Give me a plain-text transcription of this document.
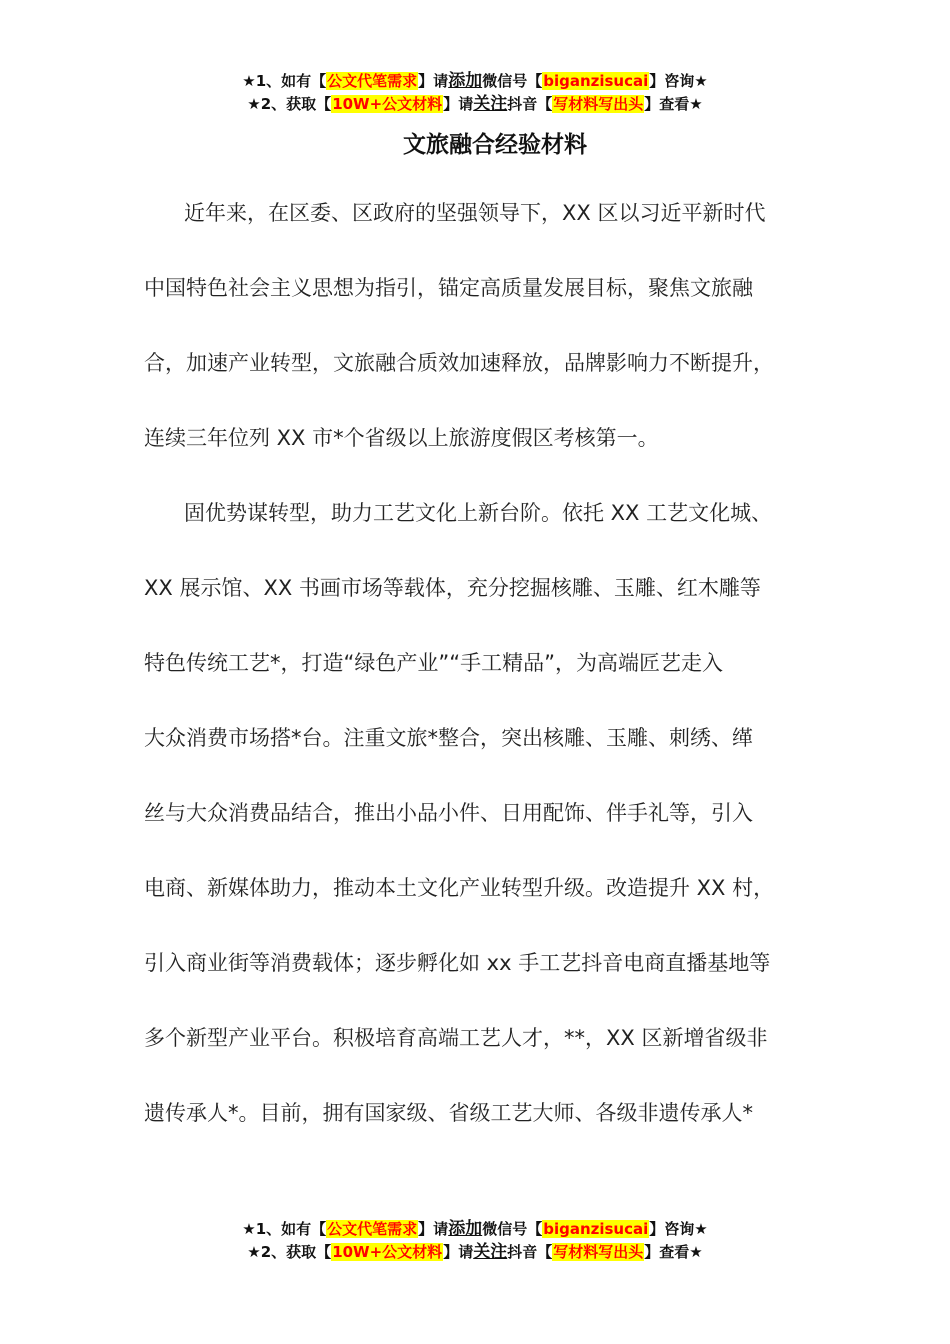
★1、如有【公文代笔需求】请添加微信号【biganzisucai】咨询★
★2、获取【10W+公文材料】请关注抖音【写材料写出头】查看★
文旅融合经验材料
近年来，在区委、区政府的坚强领导下，XX 区以习近平新时代
中国特色社会主义思想为指引，锚定高质量发展目标，聚焦文旅融
合，加速产业转型，文旅融合质效加速释放，品牌影响力不断提升，
连续三年位列 XX 市*个省级以上旅游度假区考核第一。
固优势谋转型，助力工艺文化上新台阶。依托 XX 工艺文化城、
XX 展示馆、XX 书画市场等载体，充分挖掘核雕、玉雕、红木雕等
特色传统工艺*，打造“绿色产业”“手工精品”，为高端匠艺走入
大众消费市场搭*台。注重文旅*整合，突出核雕、玉雕、刺绣、缂
丝与大众消费品结合，推出小品小件、日用配饰、伴手礼等，引入
电商、新媒体助力，推动本土文化产业转型升级。改造提升 XX 村，
引入商业街等消费载体；逐步孵化如 xx 手工艺抖音电商直播基地等
多个新型产业平台。积极培育高端工艺人才，**，XX 区新增省级非
遗传承人*。目前，拥有国家级、省级工艺大师、各级非遗传承人*
★1、如有【公文代笔需求】请添加微信号【biganzisucai】咨询★
★2、获取【10W+公文材料】请关注抖音【写材料写出头】查看★
